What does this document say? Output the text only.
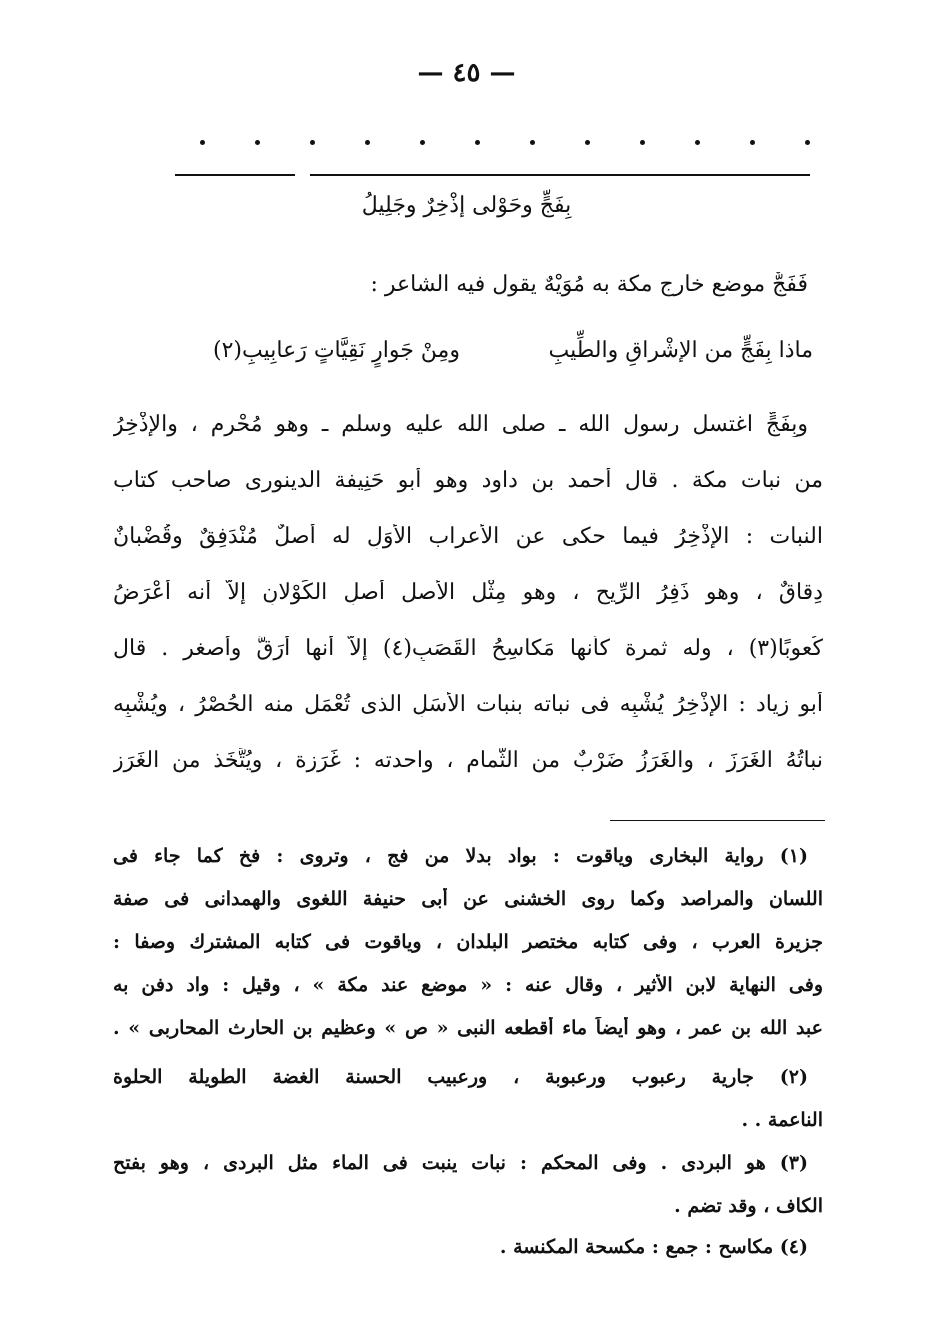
— ٤٥ —
بِفَجٍّ وحَوْلى إذْخِرٌ وجَلِيلُ
فَفَجٌّ موضع خارج مكة به مُوَيْهٌ يقول فيه الشاعر :
ماذا بِفَجٍّ من الإشْراقِ والطِّيبِ
ومِنْ جَوارٍ نَقِيَّاتٍ رَعابِيبِ(٢)
وبِفَجٍّ اغتسل رسول الله ـ صلى الله عليه وسلم ـ وهو مُحْرِم ، والإِذْخِرُ
من نبات مكة . قال أحمد بن داود وهو أبو حَنِيفة الدينورى صاحب كتاب
النبات : الإِذْخِرُ فيما حكى عن الأعراب الأُوَلِ له أصلٌ مُنْدَفِقٌ وقُضْبانٌ
دِقاقٌ ، وهو ذَفِرُ الرِّيح ، وهو مِثْل الأصل أصلِ الكَوْلانِ إلاَّ أنه أعْرَضُ
كُعوبًا(٣) ، وله ثمرة كأنها مَكاسِحُ القَصَبِ(٤) إلاَّ أنها أَرَقُّ وأصغر . قال
أبو زِياد : الإِذْخِرُ يُشْبِه فى نباته بنبات الأَسَلِ الذى تُعْمَل منه الحُصْرُ ، ويُشْبِه
نباتُهُ الغَرَزَ ، والغَرَزُ ضَرْبٌ من الثُّمام ، واحدته : غَرَزة ، ويُتَّخَذ من الغَرَز
(١) رواية البخارى وياقوت : بواد بدلا من فج ، وتروى : فخ كما جاء فى
اللسان والمراصد وكما روى الخشنى عن أبى حنيفة اللغوى والهمدانى فى صفة
جزيرة العرب ، وفى كتابه مختصر البلدان ، وياقوت فى كتابه المشترك وصفا :
وفى النهاية لابن الأثير ، وقال عنه : « موضع عند مكة » ، وقيل : واد دفن به
عبد الله بن عمر ، وهو أيضاً ماء أقطعه النبى « ص » وعظيم بن الحارث المحاربى » .
(٢) جارية رعبوب ورعبوبة ، ورعبيب الحسنة الغضة الطويلة الحلوة
الناعمة . .
(٣) هو البردى . وفى المحكم : نبات ينبت فى الماء مثل البردى ، وهو بفتح
الكاف ، وقد تضم .
(٤) مكاسح : جمع : مكسحة المكنسة .
